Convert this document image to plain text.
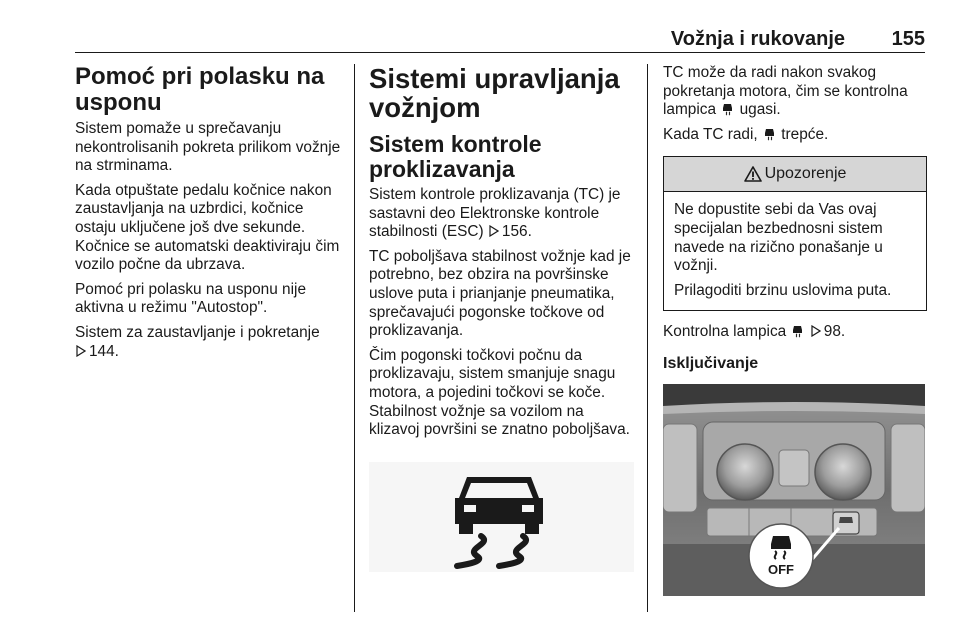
Vožnja i rukovanje 155
Pomoć pri polasku na usponu

Sistem pomaže u sprečavanju nekontrolisanih pokreta prilikom vožnje na strminama.

Kada otpuštate pedalu kočnice nakon zaustavljanja na uzbrdici, kočnice ostaju uključene još dve sekunde. Kočnice se automatski deaktiviraju čim vozilo počne da ubrzava.

Pomoć pri polasku na usponu nije aktivna u režimu "Autostop".

Sistem za zaustavljanje i pokretanje
144.

Sistemi upravljanja vožnjom
Sistem kontrole proklizavanja

Sistem kontrole proklizavanja (TC) je sastavni deo Elektronske kontrole stabilnosti (ESC) 156.

TC poboljšava stabilnost vožnje kad je potrebno, bez obzira na površinske uslove puta i prianjanje pneumatika, sprečavajući pogonske točkove od proklizavanja.

Čim pogonski točkovi počnu da proklizavaju, sistem smanjuje snagu motora, a pojedini točkovi se koče. Stabilnost vožnje sa vozilom na klizavoj površini se znatno poboljšava.

TC može da radi nakon svakog pokretanja motora, čim se kontrolna lampica ugasi.

Kada TC radi, trepće.

Upozorenje

Ne dopustite sebi da Vas ovaj specijalan bezbednosni sistem navede na rizično ponašanje u vožnji.

Prilagoditi brzinu uslovima puta.

Kontrolna lampica 98.

Isključivanje
OFF
